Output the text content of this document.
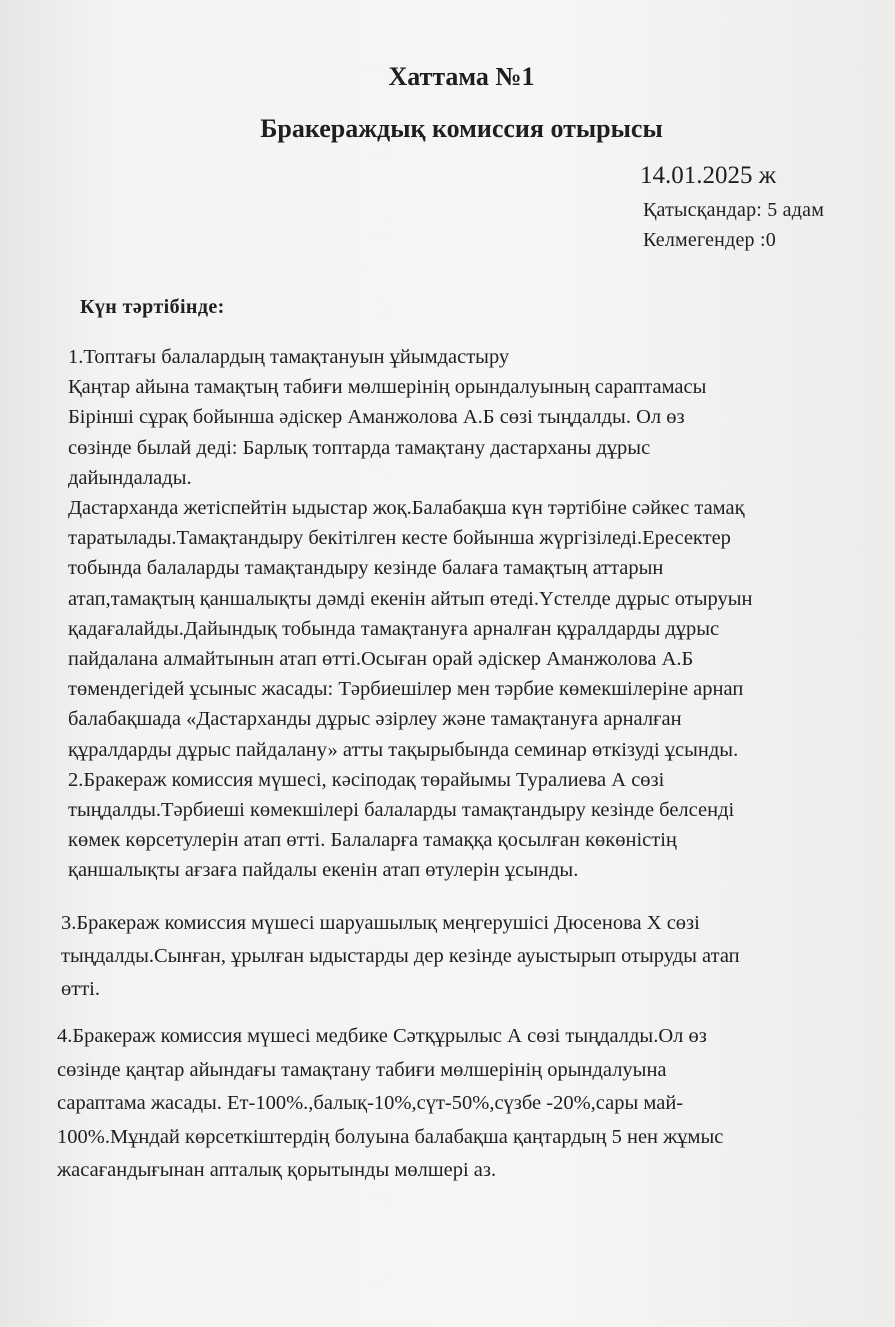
Хаттама №1
Бракераждық комиссия отырысы

14.01.2025 ж

Қатысқандар: 5 адам

Келмегендер :0

Күн тәртібінде:

1.Топтағы балалардың тамақтануын ұйымдастыру
Қаңтар айына тамақтың табиғи мөлшерінің орындалуының сараптамасы
Бірінші сұрақ бойынша әдіскер Аманжолова А.Б сөзі тыңдалды. Ол өз
сөзінде былай деді: Барлық топтарда тамақтану дастарханы дұрыс
дайындалады.
Дастарханда жетіспейтін ыдыстар жоқ.Балабақша күн тәртібіне сәйкес тамақ
таратылады.Тамақтандыру бекітілген кесте бойынша жүргізіледі.Ересектер
тобында балаларды тамақтандыру кезінде балаға тамақтың аттарын
атап,тамақтың қаншалықты дәмді екенін айтып өтеді.Үстелде дұрыс отыруын
қадағалайды.Дайындық тобында тамақтануға арналған құралдарды дұрыс
пайдалана алмайтынын атап өтті.Осыған орай әдіскер Аманжолова А.Б
төмендегідей ұсыныс жасады: Тәрбиешілер мен тәрбие көмекшілеріне арнап
балабақшада «Дастарханды дұрыс әзірлеу және тамақтануға арналған
құралдарды дұрыс пайдалану» атты тақырыбында семинар өткізуді ұсынды.
2.Бракераж комиссия мүшесі, кәсіподақ төрайымы Туралиева А сөзі
тыңдалды.Тәрбиеші көмекшілері балаларды тамақтандыру кезінде белсенді
көмек көрсетулерін атап өтті. Балаларға тамаққа қосылған көкөністің
қаншалықты ағзаға пайдалы екенін атап өтулерін ұсынды.
3.Бракераж комиссия мүшесі шаруашылық меңгерушісі Дюсенова Х сөзі
тыңдалды.Сынған, ұрылған ыдыстарды дер кезінде ауыстырып отыруды атап
өтті.
4.Бракераж комиссия мүшесі медбике Сәтқұрылыс А сөзі тыңдалды.Ол өз
сөзінде қаңтар айындағы тамақтану табиғи мөлшерінің орындалуына
сараптама жасады. Ет-100%.,балық-10%,сүт-50%,сүзбе -20%,сары май-
100%.Мұндай көрсеткіштердің болуына балабақша қаңтардың 5 нен жұмыс
жасағандығынан апталық қорытынды мөлшері аз.
